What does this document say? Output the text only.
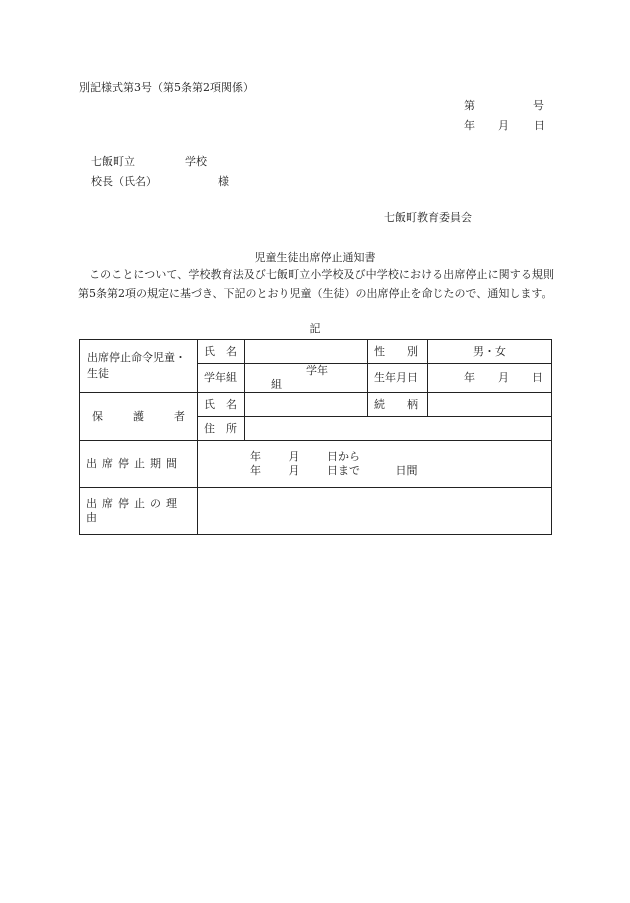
別記様式第3号（第5条第2項関係）
第	号
年 月 日
七飯町立	学校
校長（氏名）	様
七飯町教育委員会
児童生徒出席停止通知書
　このことについて、学校教育法及び七飯町立小学校及び中学校における出席停止に関する規則第5条第2項の規定に基づき、下記のとおり児童（生徒）の出席停止を命じたので、通知します。
記
出席停止命令児童・生徒	氏　名		性　　別	男・女
	学年組	学年 組	生年月日	年 月 日

保 護 者	氏　名		続　　柄	
	住　所			
出席停止期間	年 月 日から
年 月 日まで 日間			

出席停止の理由				
